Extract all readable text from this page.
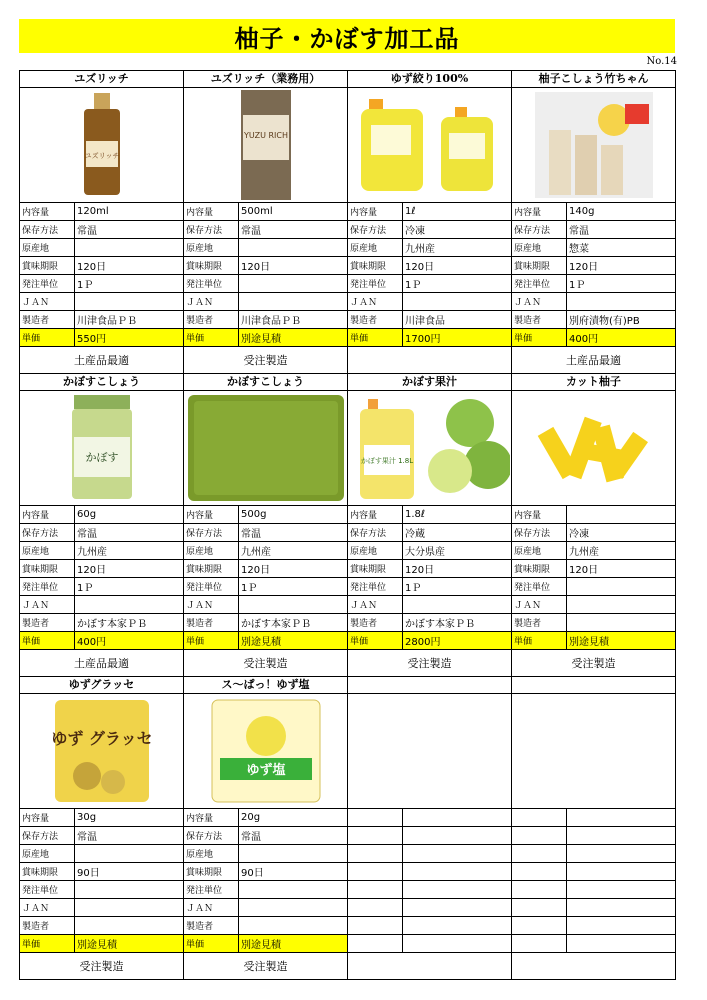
柚子・かぼす加工品
No.14
ユズリッチ
ユズリッチ
内容量	120ml
保存方法	常温
原産地
賞味期限	120日
発注単位	1Ｐ
ＪＡＮ
製造者	川津食品ＰＢ
単価	550円
土産品最適
ユズリッチ（業務用）
YUZU RICH
内容量	500ml
保存方法	常温
原産地
賞味期限	120日
発注単位
ＪＡＮ
製造者	川津食品ＰＢ
単価	別途見積
受注製造
ゆず絞り100%
内容量	1ℓ
保存方法	冷凍
原産地	九州産
賞味期限	120日
発注単位	1Ｐ
ＪＡＮ
製造者	川津食品
単価	1700円
柚子こしょう竹ちゃん
内容量	140g
保存方法	常温
原産地	惣菜
賞味期限	120日
発注単位	1Ｐ
ＪＡＮ
製造者	別府漬物(有)PB
単価	400円
土産品最適
かぼすこしょう
かぼす
内容量	60g
保存方法	常温
原産地	九州産
賞味期限	120日
発注単位	1Ｐ
ＪＡＮ
製造者	かぼす本家ＰＢ
単価	400円
土産品最適
かぼすこしょう
内容量	500g
保存方法	常温
原産地	九州産
賞味期限	120日
発注単位	1Ｐ
ＪＡＮ
製造者	かぼす本家ＰＢ
単価	別途見積
受注製造
かぼす果汁
かぼす果汁 1.8L
内容量	1.8ℓ
保存方法	冷蔵
原産地	大分県産
賞味期限	120日
発注単位	1Ｐ
ＪＡＮ
製造者	かぼす本家ＰＢ
単価	2800円
受注製造
カット柚子
内容量
保存方法	冷凍
原産地	九州産
賞味期限	120日
発注単位
ＪＡＮ
製造者
単価	別途見積
受注製造
ゆずグラッセ
ゆず グラッセ
内容量	30g
保存方法	常温
原産地
賞味期限	90日
発注単位
ＪＡＮ
製造者
単価	別途見積
受注製造
ス～ぱっ！ゆず塩
ゆず塩
内容量	20g
保存方法	常温
原産地
賞味期限	90日
発注単位
ＪＡＮ
製造者
単価	別途見積
受注製造
